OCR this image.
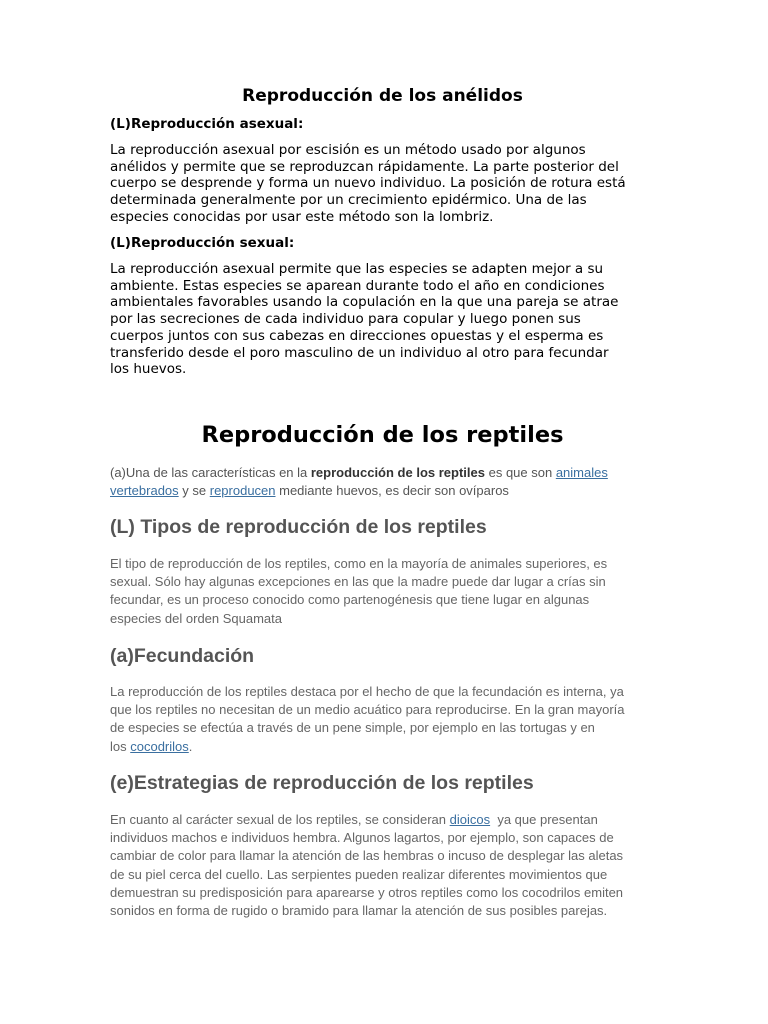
Reproducción de los anélidos
(L)Reproducción asexual:

La reproducción asexual por escisión es un método usado por algunos
anélidos y permite que se reproduzcan rápidamente. La parte posterior del
cuerpo se desprende y forma un nuevo individuo. La posición de rotura está
determinada generalmente por un crecimiento epidérmico. Una de las
especies conocidas por usar este método son la lombriz.

(L)Reproducción sexual:

La reproducción asexual permite que las especies se adapten mejor a su
ambiente. Estas especies se aparean durante todo el año en condiciones
ambientales favorables usando la copulación en la que una pareja se atrae
por las secreciones de cada individuo para copular y luego ponen sus
cuerpos juntos con sus cabezas en direcciones opuestas y el esperma es
transferido desde el poro masculino de un individuo al otro para fecundar
los huevos.

Reproducción de los reptiles

(a)Una de las características en la reproducción de los reptiles es que son animales
vertebrados y se reproducen mediante huevos, es decir son ovíparos

(L) Tipos de reproducción de los reptiles

El tipo de reproducción de los reptiles, como en la mayoría de animales superiores, es
sexual. Sólo hay algunas excepciones en las que la madre puede dar lugar a crías sin
fecundar, es un proceso conocido como partenogénesis que tiene lugar en algunas
especies del orden Squamata

(a)Fecundación

La reproducción de los reptiles destaca por el hecho de que la fecundación es interna, ya
que los reptiles no necesitan de un medio acuático para reproducirse. En la gran mayoría
de especies se efectúa a través de un pene simple, por ejemplo en las tortugas y en
los cocodrilos.

(e)Estrategias de reproducción de los reptiles

En cuanto al carácter sexual de los reptiles, se consideran dioicos  ya que presentan
individuos machos e individuos hembra. Algunos lagartos, por ejemplo, son capaces de
cambiar de color para llamar la atención de las hembras o incuso de desplegar las aletas
de su piel cerca del cuello. Las serpientes pueden realizar diferentes movimientos que
demuestran su predisposición para aparearse y otros reptiles como los cocodrilos emiten
sonidos en forma de rugido o bramido para llamar la atención de sus posibles parejas.
